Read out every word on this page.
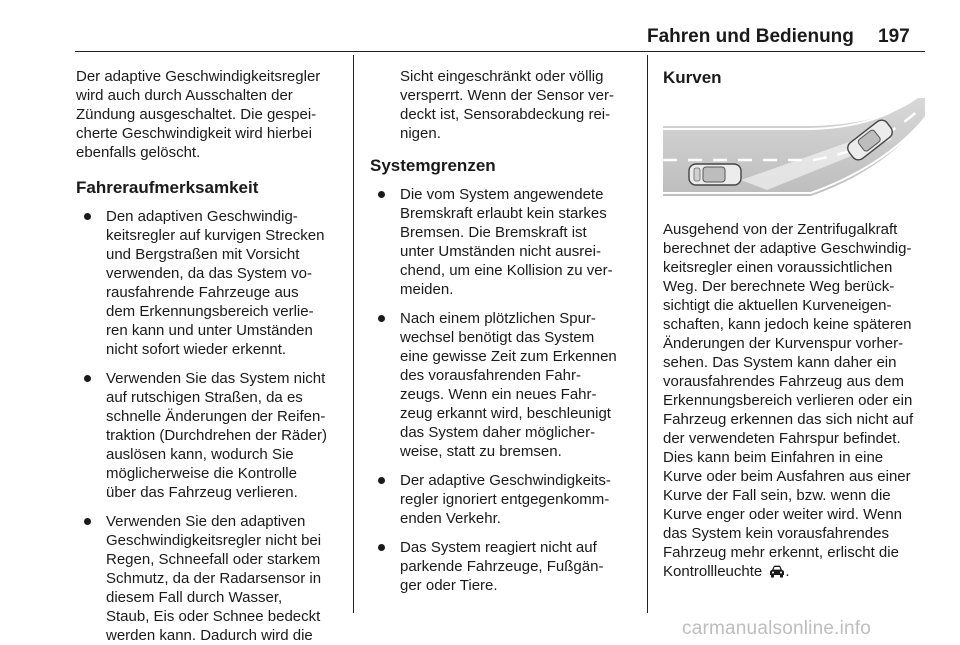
Fahren und Bedienung 197

Der adaptive Geschwindigkeitsregler
wird auch durch Ausschalten der
Zündung ausgeschaltet. Die gespei-
cherte Geschwindigkeit wird hierbei
ebenfalls gelöscht.

Fahreraufmerksamkeit
Den adaptiven Geschwindig-
keitsregler auf kurvigen Strecken
und Bergstraßen mit Vorsicht
verwenden, da das System vo-
rausfahrende Fahrzeuge aus
dem Erkennungsbereich verlie-
ren kann und unter Umständen
nicht sofort wieder erkennt.
Verwenden Sie das System nicht
auf rutschigen Straßen, da es
schnelle Änderungen der Reifen-
traktion (Durchdrehen der Räder)
auslösen kann, wodurch Sie
möglicherweise die Kontrolle
über das Fahrzeug verlieren.
Verwenden Sie den adaptiven
Geschwindigkeitsregler nicht bei
Regen, Schneefall oder starkem
Schmutz, da der Radarsensor in
diesem Fall durch Wasser,
Staub, Eis oder Schnee bedeckt
werden kann. Dadurch wird die

Sicht eingeschränkt oder völlig
versperrt. Wenn der Sensor ver-
deckt ist, Sensorabdeckung rei-
nigen.

Systemgrenzen
Die vom System angewendete
Bremskraft erlaubt kein starkes
Bremsen. Die Bremskraft ist
unter Umständen nicht ausrei-
chend, um eine Kollision zu ver-
meiden.
Nach einem plötzlichen Spur-
wechsel benötigt das System
eine gewisse Zeit zum Erkennen
des vorausfahrenden Fahr-
zeugs. Wenn ein neues Fahr-
zeug erkannt wird, beschleunigt
das System daher möglicher-
weise, statt zu bremsen.
Der adaptive Geschwindigkeits-
regler ignoriert entgegenkomm-
enden Verkehr.
Das System reagiert nicht auf
parkende Fahrzeuge, Fußgän-
ger oder Tiere.
Kurven

Ausgehend von der Zentrifugalkraft
berechnet der adaptive Geschwindig-
keitsregler einen voraussichtlichen
Weg. Der berechnete Weg berück-
sichtigt die aktuellen Kurveneigen-
schaften, kann jedoch keine späteren
Änderungen der Kurvenspur vorher-
sehen. Das System kann daher ein
vorausfahrendes Fahrzeug aus dem
Erkennungsbereich verlieren oder ein
Fahrzeug erkennen das sich nicht auf
der verwendeten Fahrspur befindet.
Dies kann beim Einfahren in eine
Kurve oder beim Ausfahren aus einer
Kurve der Fall sein, bzw. wenn die
Kurve enger oder weiter wird. Wenn
das System kein vorausfahrendes
Fahrzeug mehr erkennt, erlischt die
Kontrollleuchte .

carmanualsonline.info
